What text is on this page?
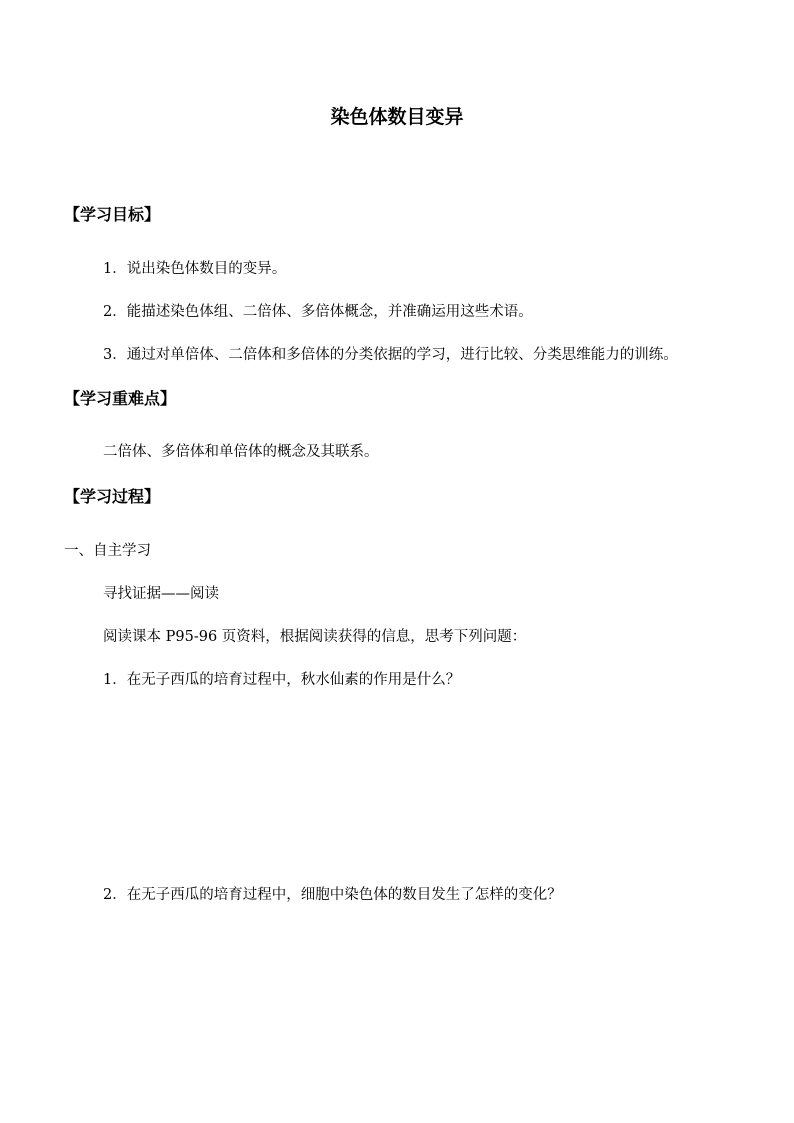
染色体数目变异
【学习目标】
1．说出染色体数目的变异。
2．能描述染色体组、二倍体、多倍体概念，并准确运用这些术语。
3．通过对单倍体、二倍体和多倍体的分类依据的学习，进行比较、分类思维能力的训练。
【学习重难点】
二倍体、多倍体和单倍体的概念及其联系。
【学习过程】
一、自主学习
寻找证据——阅读
阅读课本 P95-96 页资料，根据阅读获得的信息，思考下列问题：
1．在无子西瓜的培育过程中，秋水仙素的作用是什么？
2．在无子西瓜的培育过程中，细胞中染色体的数目发生了怎样的变化？
